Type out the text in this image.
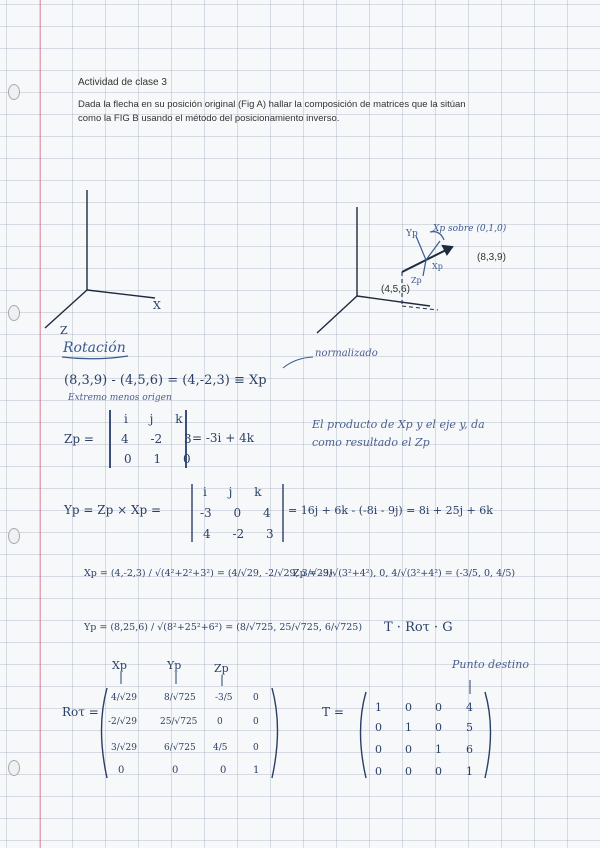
Actividad de clase 3
Dada la flecha en su posición original (Fig A) hallar la composición de matrices que la sitúan
como la FIG B usando el método del posicionamiento inverso.
X
Z
Yp Xp sobre (0,1,0)
Xp
Zp
(4,5,6)
(8,3,9)
Rotación	normalizado
(8,3,9) - (4,5,6) = (4,-2,3) ≡ Xp
Extremo menos origen
Zp =
i j k
4 -2 3
0 1 0
= -3i + 4k
El producto de Xp y el eje y, da
como resultado el Zp
Yp = Zp × Xp =
i j k
-3 0 4
4 -2 3
= 16j + 6k - (-8i - 9j) = 8i + 25j + 6k
Xp = (4,-2,3) / √(4²+2²+3²) = (4/√29, -2/√29, 3/√29)
Yp = (8,25,6) / √(8²+25²+6²) = (8/√725, 25/√725, 6/√725)
Zp = -3/√(3²+4²), 0, 4/√(3²+4²) = (-3/5, 0, 4/5)
T · Roτ · G
Xp	Yp	Zp	Punto destino
Roτ =
4/√29	8/√725 -3/5 0
-2/√29	25/√725 0	0
3/√29	6/√725 4/5	0
0	0	0	1
T =	1 0 0 4
0 1 0 5
0 0 1 6
0 0 0 1
